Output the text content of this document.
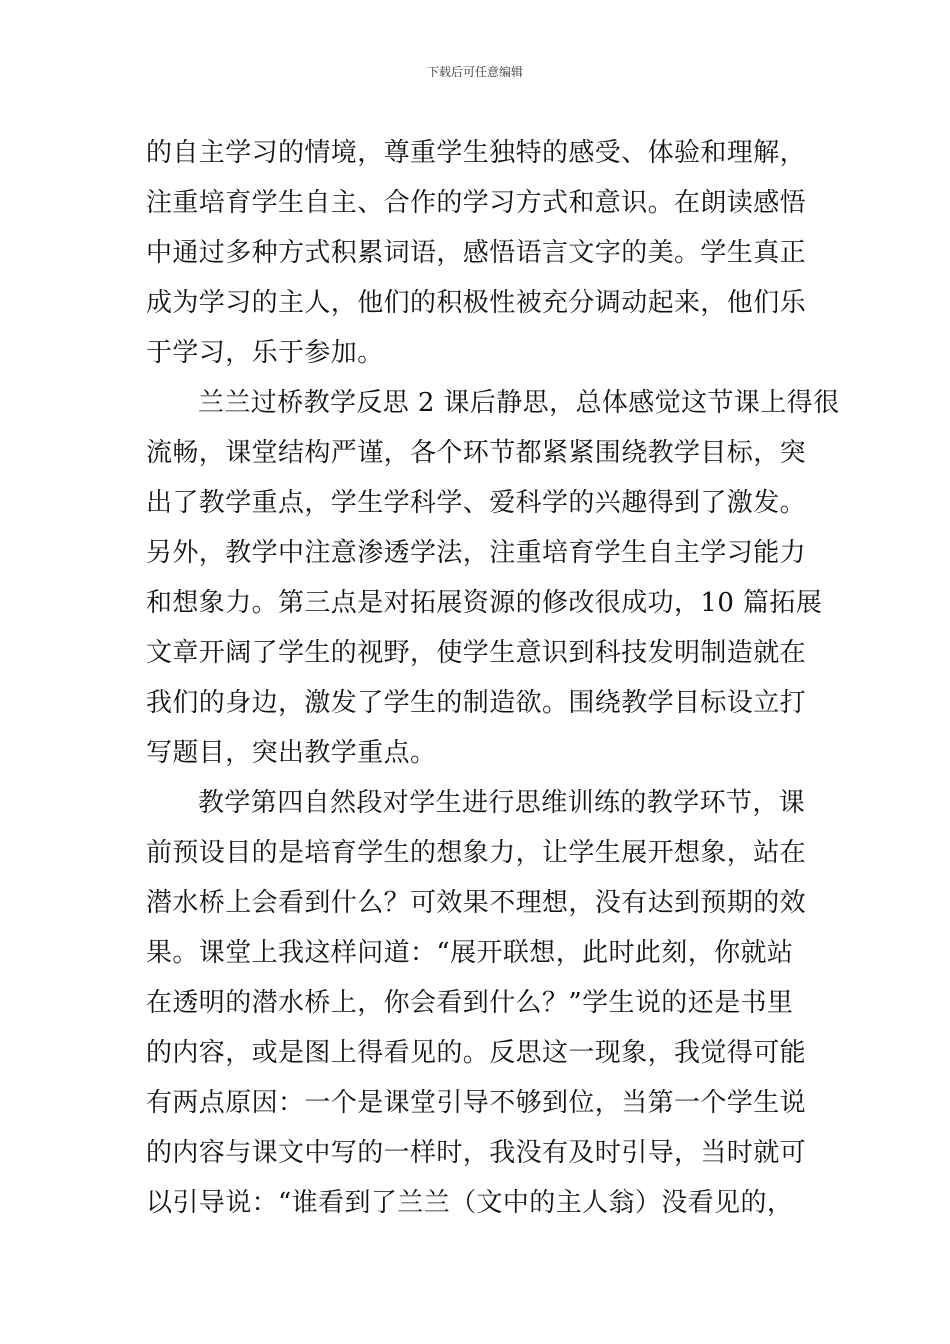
下载后可任意编辑
的自主学习的情境，尊重学生独特的感受、体验和理解，
注重培育学生自主、合作的学习方式和意识。在朗读感悟
中通过多种方式积累词语，感悟语言文字的美。学生真正
成为学习的主人，他们的积极性被充分调动起来，他们乐
于学习，乐于参加。
兰兰过桥教学反思 2 课后静思，总体感觉这节课上得很
流畅，课堂结构严谨，各个环节都紧紧围绕教学目标，突
出了教学重点，学生学科学、爱科学的兴趣得到了激发。
另外，教学中注意渗透学法，注重培育学生自主学习能力
和想象力。第三点是对拓展资源的修改很成功，10 篇拓展
文章开阔了学生的视野，使学生意识到科技发明制造就在
我们的身边，激发了学生的制造欲。围绕教学目标设立打
写题目，突出教学重点。
教学第四自然段对学生进行思维训练的教学环节，课
前预设目的是培育学生的想象力，让学生展开想象，站在
潜水桥上会看到什么？可效果不理想，没有达到预期的效
果。课堂上我这样问道：“展开联想，此时此刻，你就站
在透明的潜水桥上，你会看到什么？”学生说的还是书里
的内容，或是图上得看见的。反思这一现象，我觉得可能
有两点原因：一个是课堂引导不够到位，当第一个学生说
的内容与课文中写的一样时，我没有及时引导，当时就可
以引导说：“谁看到了兰兰（文中的主人翁）没看见的，
